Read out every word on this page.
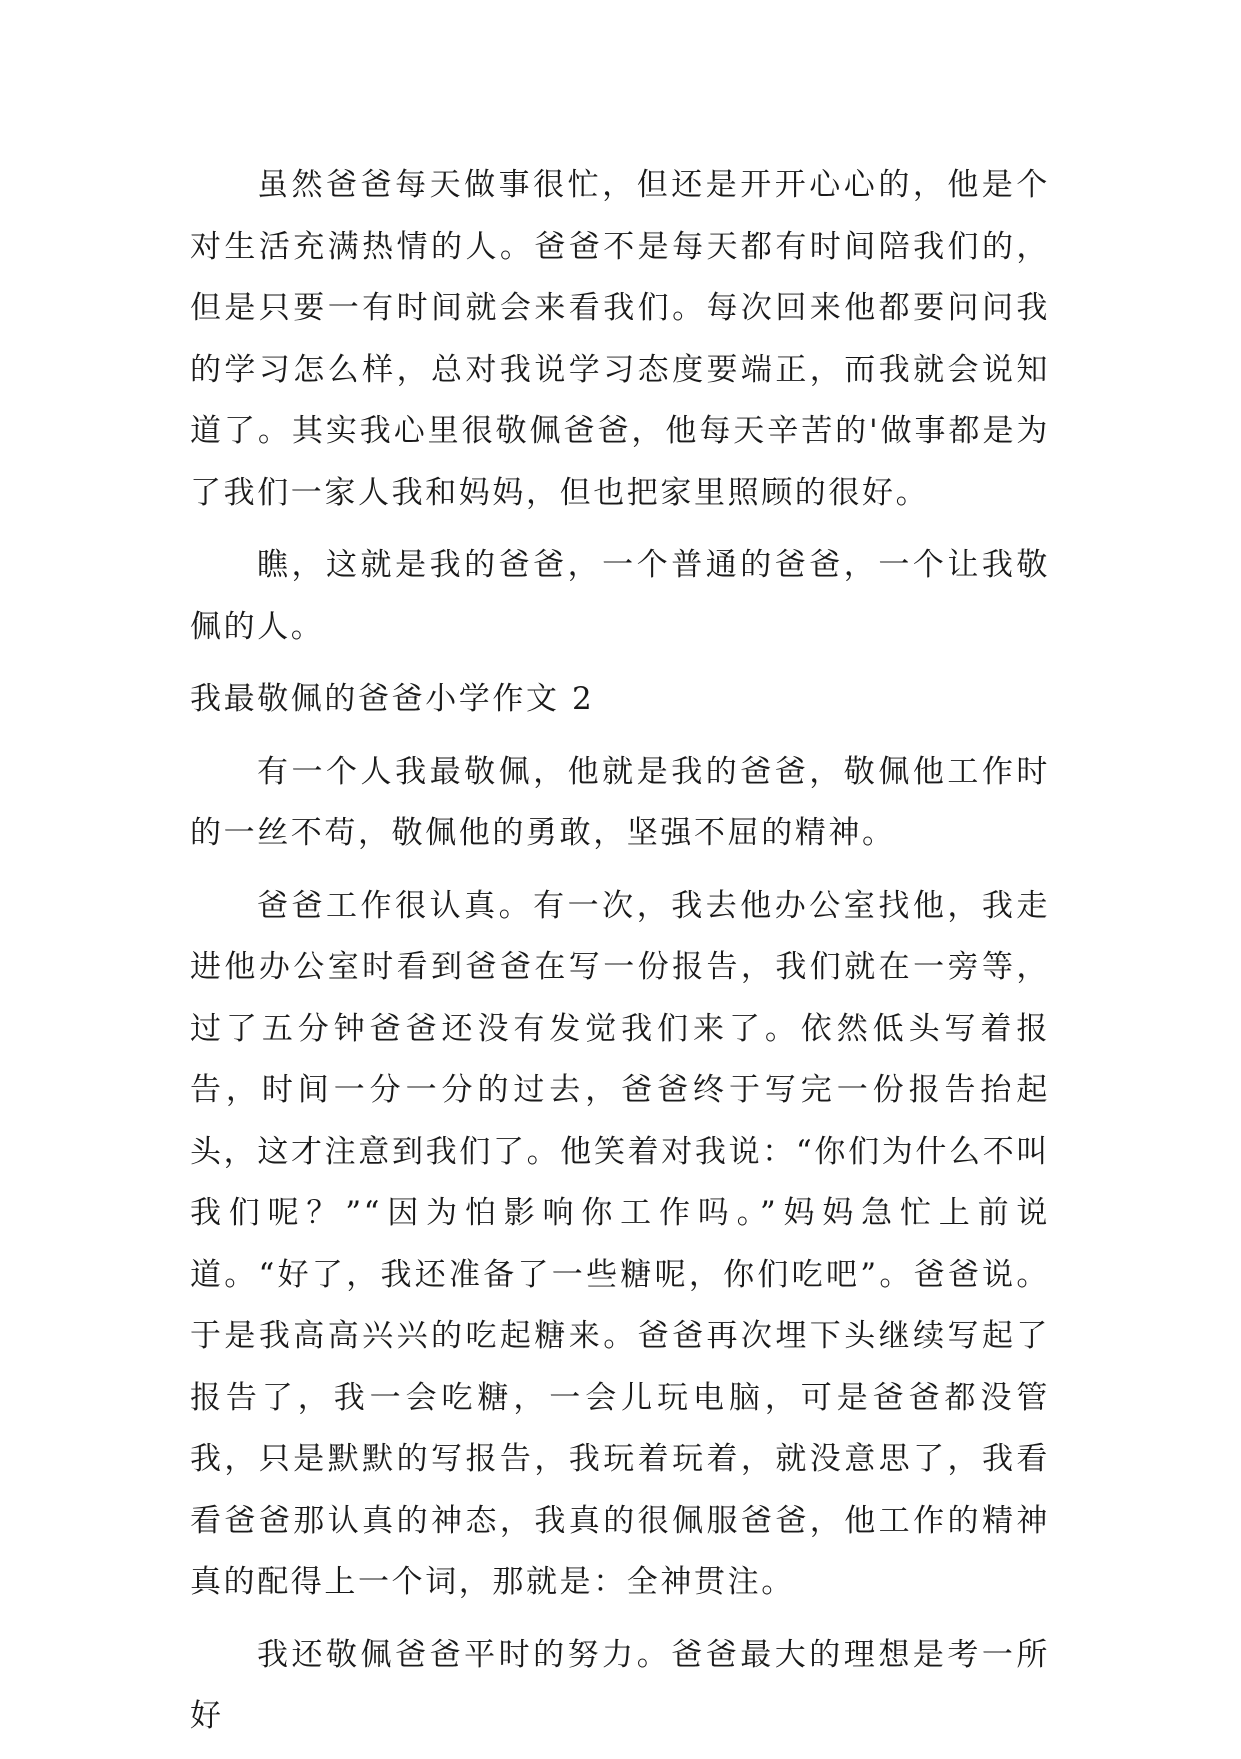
虽然爸爸每天做事很忙，但还是开开心心的，他是个对生活充满热情的人。爸爸不是每天都有时间陪我们的，但是只要一有时间就会来看我们。每次回来他都要问问我的学习怎么样，总对我说学习态度要端正，而我就会说知道了。其实我心里很敬佩爸爸，他每天辛苦的'做事都是为了我们一家人我和妈妈，但也把家里照顾的很好。

瞧，这就是我的爸爸，一个普通的爸爸，一个让我敬佩的人。

我最敬佩的爸爸小学作文 2

有一个人我最敬佩，他就是我的爸爸，敬佩他工作时的一丝不苟，敬佩他的勇敢，坚强不屈的精神。

爸爸工作很认真。有一次，我去他办公室找他，我走进他办公室时看到爸爸在写一份报告，我们就在一旁等，过了五分钟爸爸还没有发觉我们来了。依然低头写着报告，时间一分一分的过去，爸爸终于写完一份报告抬起头，这才注意到我们了。他笑着对我说：“你们为什么不叫我们呢？”“因为怕影响你工作吗。”妈妈急忙上前说道。“好了，我还准备了一些糖呢，你们吃吧”。爸爸说。于是我高高兴兴的吃起糖来。爸爸再次埋下头继续写起了报告了，我一会吃糖，一会儿玩电脑，可是爸爸都没管我，只是默默的写报告，我玩着玩着，就没意思了，我看看爸爸那认真的神态，我真的很佩服爸爸，他工作的精神真的配得上一个词，那就是：全神贯注。

我还敬佩爸爸平时的努力。爸爸最大的理想是考一所好
